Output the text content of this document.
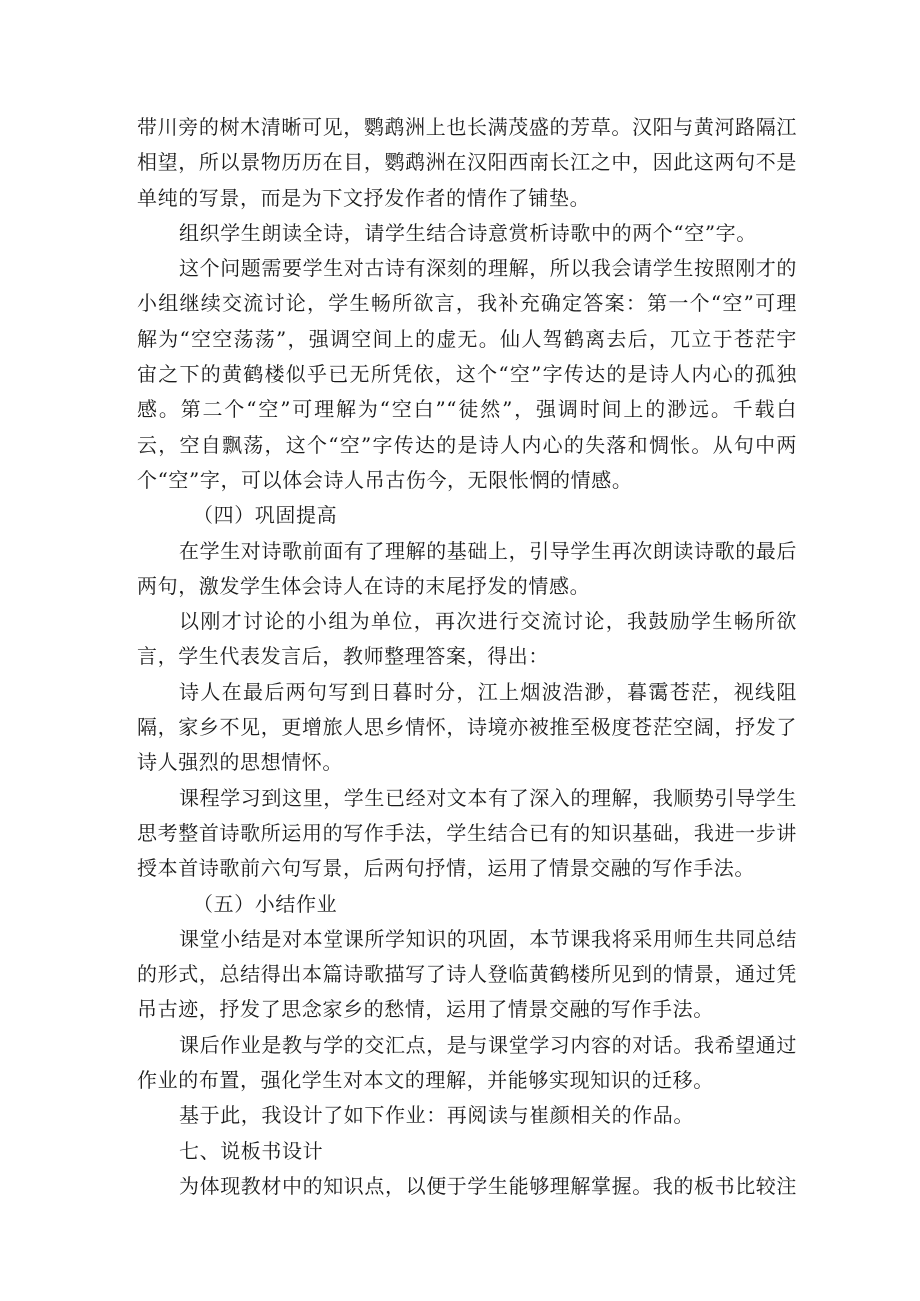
带川旁的树木清晰可见，鹦鹉洲上也长满茂盛的芳草。汉阳与黄河路隔江相望，所以景物历历在目，鹦鹉洲在汉阳西南长江之中，因此这两句不是单纯的写景，而是为下文抒发作者的情作了铺垫。

组织学生朗读全诗，请学生结合诗意赏析诗歌中的两个“空”字。

这个问题需要学生对古诗有深刻的理解，所以我会请学生按照刚才的小组继续交流讨论，学生畅所欲言，我补充确定答案：第一个“空”可理解为“空空荡荡”，强调空间上的虚无。仙人驾鹤离去后，兀立于苍茫宇宙之下的黄鹤楼似乎已无所凭依，这个“空”字传达的是诗人内心的孤独感。第二个“空”可理解为“空白”“徒然”，强调时间上的渺远。千载白云，空自飘荡，这个“空”字传达的是诗人内心的失落和惆怅。从句中两个“空”字，可以体会诗人吊古伤今，无限怅惘的情感。

（四）巩固提高

在学生对诗歌前面有了理解的基础上，引导学生再次朗读诗歌的最后两句，激发学生体会诗人在诗的末尾抒发的情感。

以刚才讨论的小组为单位，再次进行交流讨论，我鼓励学生畅所欲言，学生代表发言后，教师整理答案，得出：

诗人在最后两句写到日暮时分，江上烟波浩渺，暮霭苍茫，视线阻隔，家乡不见，更增旅人思乡情怀，诗境亦被推至极度苍茫空阔，抒发了诗人强烈的思想情怀。

课程学习到这里，学生已经对文本有了深入的理解，我顺势引导学生思考整首诗歌所运用的写作手法，学生结合已有的知识基础，我进一步讲授本首诗歌前六句写景，后两句抒情，运用了情景交融的写作手法。

（五）小结作业

课堂小结是对本堂课所学知识的巩固，本节课我将采用师生共同总结的形式，总结得出本篇诗歌描写了诗人登临黄鹤楼所见到的情景，通过凭吊古迹，抒发了思念家乡的愁情，运用了情景交融的写作手法。

课后作业是教与学的交汇点，是与课堂学习内容的对话。我希望通过作业的布置，强化学生对本文的理解，并能够实现知识的迁移。

基于此，我设计了如下作业：再阅读与崔颜相关的作品。

七、说板书设计

为体现教材中的知识点，以便于学生能够理解掌握。我的板书比较注
